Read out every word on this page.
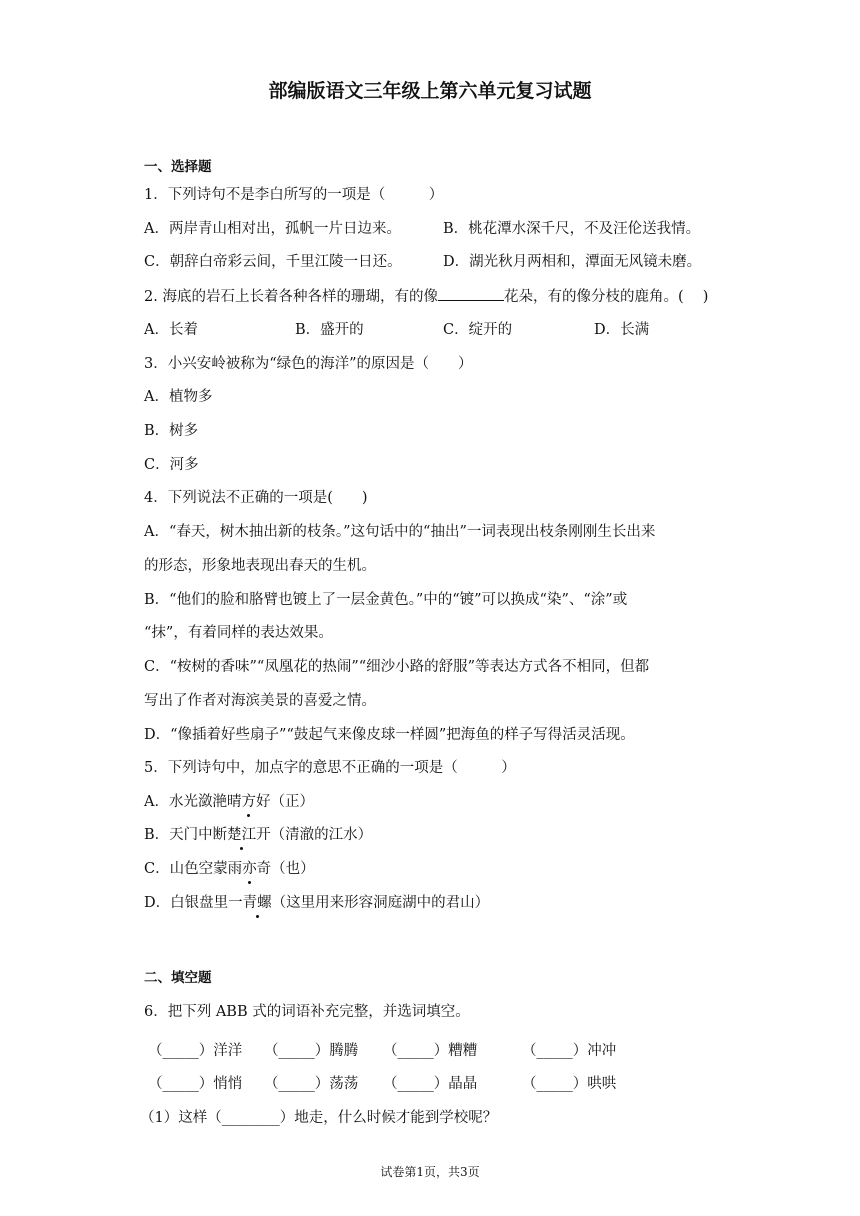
部编版语文三年级上第六单元复习试题
一、选择题
1．下列诗句不是李白所写的一项是（　　　）
A．两岸青山相对出，孤帆一片日边来。	B．桃花潭水深千尺，不及汪伦送我情。
C．朝辞白帝彩云间，千里江陵一日还。	D．湖光秋月两相和，潭面无风镜未磨。
2. 海底的岩石上长着各种各样的珊瑚，有的像	花朵，有的像分枝的鹿角。(　 )
A．长着	B．盛开的	C．绽开的	D．长满
3．小兴安岭被称为“绿色的海洋”的原因是（　　）
A．植物多
B．树多
C．河多
4．下列说法不正确的一项是(　　)
A．“春天，树木抽出新的枝条。”这句话中的“抽出”一词表现出枝条刚刚生长出来
的形态，形象地表现出春天的生机。
B．“他们的脸和胳臂也镀上了一层金黄色。”中的“镀”可以换成“染”、“涂”或
“抹”，有着同样的表达效果。
C．“桉树的香味”“凤凰花的热闹”“细沙小路的舒服”等表达方式各不相同，但都
写出了作者对海滨美景的喜爱之情。
D．“像插着好些扇子”“鼓起气来像皮球一样圆”把海鱼的样子写得活灵活现。
5．下列诗句中，加点字的意思不正确的一项是（　　　）
A．水光潋滟晴方好（正）
B．天门中断楚江开（清澈的江水）
C．山色空蒙雨亦奇（也）
D．白银盘里一青螺（这里用来形容洞庭湖中的君山）
二、填空题
6．把下列 ABB 式的词语补充完整，并选词填空。
（_____）洋洋 （_____）腾腾 （_____）糟糟	（_____）冲冲
（_____）悄悄 （_____）荡荡 （_____）晶晶	（_____）哄哄
（1）这样（________）地走，什么时候才能到学校呢？
试卷第1页，共3页
